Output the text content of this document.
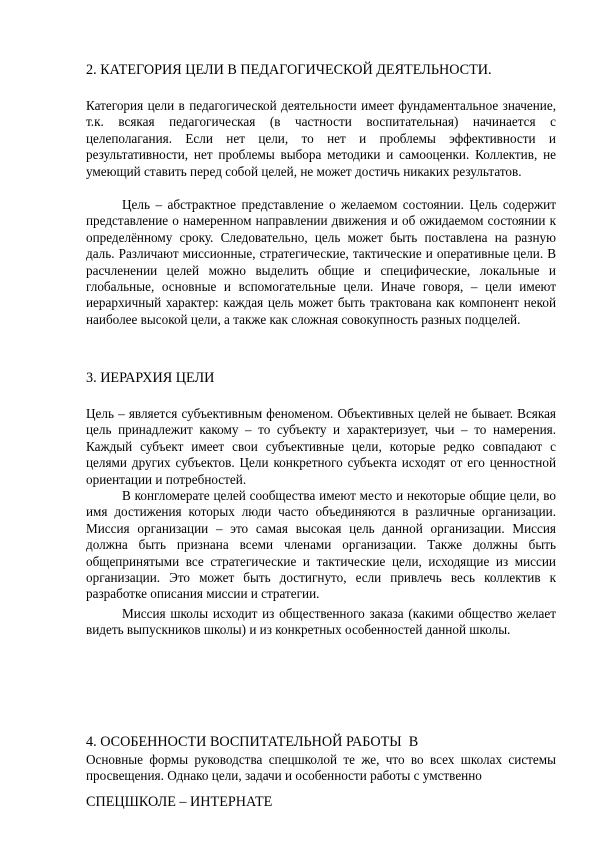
2. КАТЕГОРИЯ ЦЕЛИ В ПЕДАГОГИЧЕСКОЙ ДЕЯТЕЛЬНОСТИ.

Категория цели в педагогической деятельности имеет фундаментальное значение, т.к. всякая педагогическая (в частности воспитательная) начинается с целеполагания. Если нет цели, то нет и проблемы эффективности и результативности, нет проблемы выбора методики и самооценки. Коллектив, не умеющий ставить перед собой целей, не может достичь никаких результатов.

Цель – абстрактное представление о желаемом состоянии. Цель содержит представление о намеренном направлении движения и об ожидаемом состоянии к определённому сроку. Следовательно, цель может быть поставлена на разную даль. Различают миссионные, стратегические, тактические и оперативные цели. В расчленении целей можно выделить общие и специфические, локальные и глобальные, основные и вспомогательные цели. Иначе говоря, – цели имеют иерархичный характер: каждая цель может быть трактована как компонент некой наиболее высокой цели, а также как сложная совокупность разных подцелей.

3. ИЕРАРХИЯ ЦЕЛИ

Цель – является субъективным феноменом. Объективных целей не бывает. Всякая цель принадлежит какому – то субъекту и характеризует, чьи – то намерения. Каждый субъект имеет свои субъективные цели, которые редко совпадают с целями других субъектов. Цели конкретного субъекта исходят от его ценностной ориентации и потребностей.

В конгломерате целей сообщества имеют место и некоторые общие цели, во имя достижения которых люди часто объединяются в различные организации. Миссия организации – это самая высокая цель данной организации. Миссия должна быть признана всеми членами организации. Также должны быть общепринятыми все стратегические и тактические цели, исходящие из миссии организации. Это может быть достигнуто, если привлечь весь коллектив к разработке описания миссии и стратегии.

Миссия школы исходит из общественного заказа (какими общество желает видеть выпускников школы) и из конкретных особенностей данной школы.

4. ОСОБЕННОСТИ ВОСПИТАТЕЛЬНОЙ РАБОТЫ  В

СПЕЦШКОЛЕ – ИНТЕРНАТЕ

Основные формы руководства спецшколой те же, что во всех школах системы просвещения. Однако цели, задачи и особенности работы с умственно
